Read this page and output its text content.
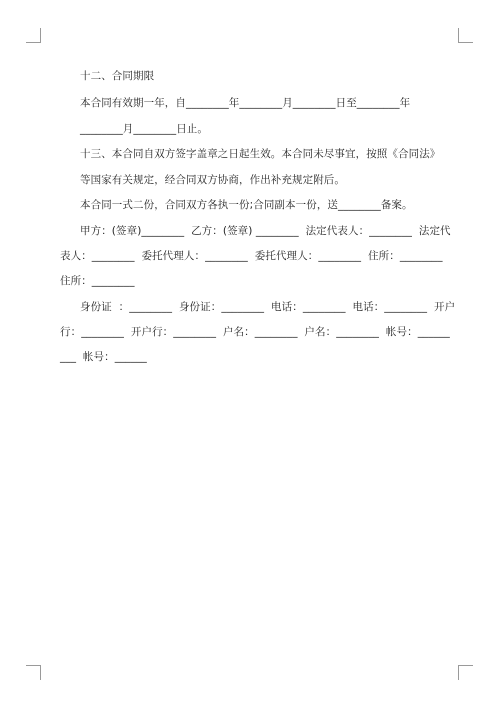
十二、合同期限
本合同有效期一年，自________年________月________日至________年
________月________日止。
十三、本合同自双方签字盖章之日起生效。本合同未尽事宜，按照《合同法》
等国家有关规定，经合同双方协商，作出补充规定附后。
本合同一式二份，合同双方各执一份;合同副本一份，送________备案。
甲方：(签章)________  乙方：(签章) ________  法定代表人：________  法定代
表人：________  委托代理人：________  委托代理人：________  住所：________
住所：________
身份证  ：________  身份证：________  电话：________  电话：________  开户
行：________  开户行：________  户名：________  户名：________  帐号：______
___  帐号：______
